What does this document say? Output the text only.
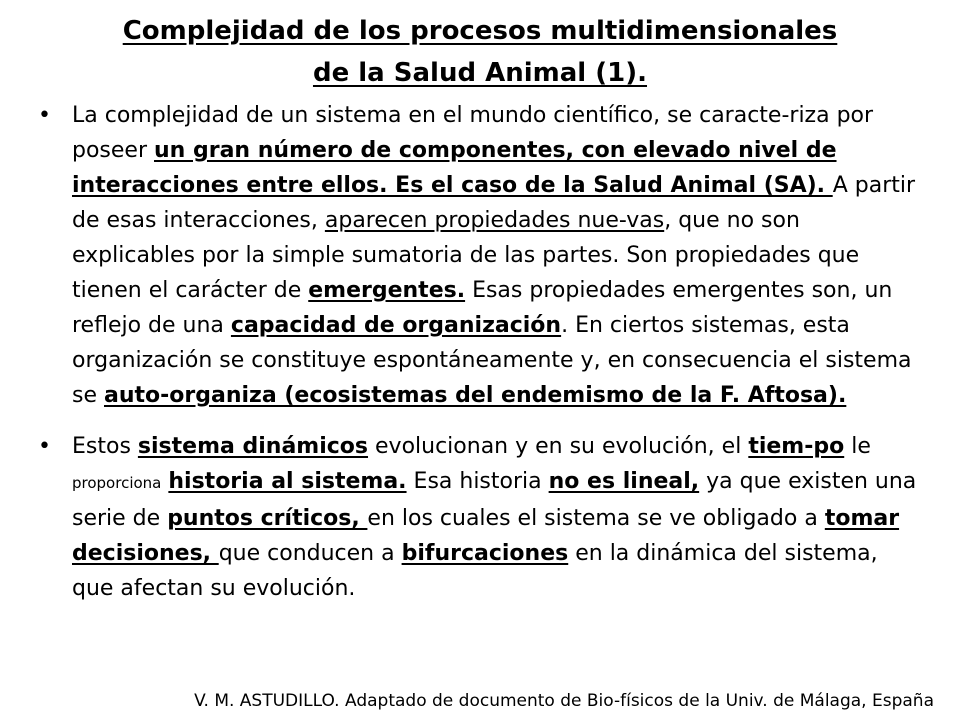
Complejidad de los procesos multidimensionales
de la Salud Animal (1).
• La complejidad de un sistema en el mundo científico, se caracte-riza por poseer un gran número de componentes, con elevado nivel de interacciones entre ellos. Es el caso de la Salud Animal (SA). A partir de esas interacciones, aparecen propiedades nue-vas, que no son explicables por la simple sumatoria de las partes. Son propiedades que tienen el carácter de emergentes. Esas propiedades emergentes son, un reflejo de una capacidad de organización. En ciertos sistemas, esta organización se constituye espontáneamente y, en consecuencia el sistema se auto-organiza (ecosistemas del endemismo de la F. Aftosa).
• Estos sistema dinámicos evolucionan y en su evolución, el tiem-po le proporciona historia al sistema. Esa historia no es lineal, ya que existen una serie de puntos críticos, en los cuales el sistema se ve obligado a tomar decisiones, que conducen a bifurcaciones en la dinámica del sistema, que afectan su evolución.
V. M. ASTUDILLO. Adaptado de documento de Bio-físicos de la Univ. de Málaga, España
